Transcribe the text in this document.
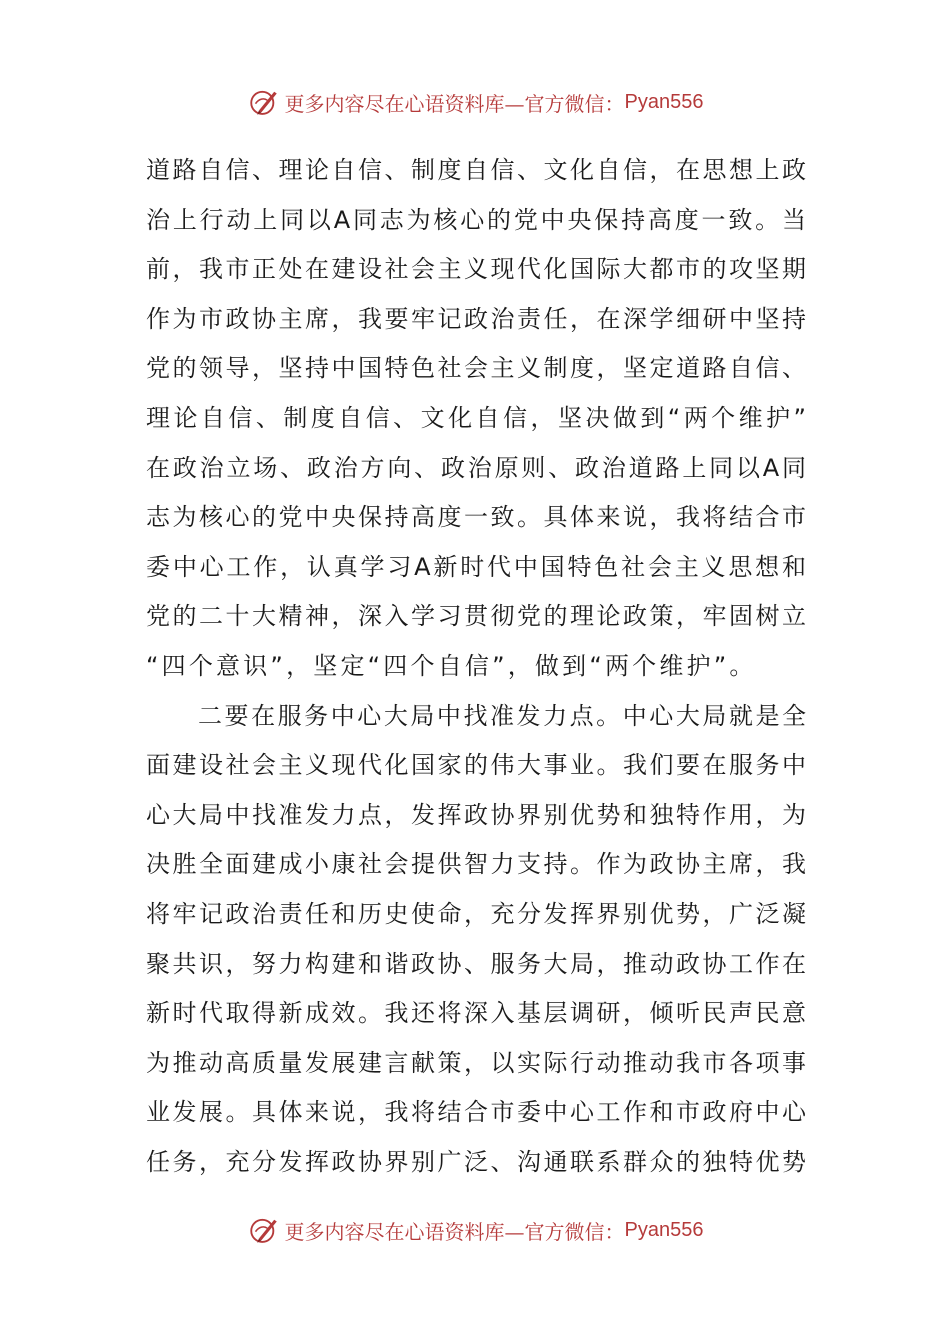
更多内容尽在心语资料库—官方微信： Pyan556
道路自信、理论自信、制度自信、文化自信，在思想上政
治上行动上同以A同志为核心的党中央保持高度一致。当
前，我市正处在建设社会主义现代化国际大都市的攻坚期
作为市政协主席，我要牢记政治责任，在深学细研中坚持
党的领导，坚持中国特色社会主义制度，坚定道路自信、
理论自信、制度自信、文化自信，坚决做到“两个维护”
在政治立场、政治方向、政治原则、政治道路上同以A同
志为核心的党中央保持高度一致。具体来说，我将结合市
委中心工作，认真学习A新时代中国特色社会主义思想和
党的二十大精神，深入学习贯彻党的理论政策，牢固树立
“四个意识”，坚定“四个自信”，做到“两个维护”。
二要在服务中心大局中找准发力点。中心大局就是全
面建设社会主义现代化国家的伟大事业。我们要在服务中
心大局中找准发力点，发挥政协界别优势和独特作用，为
决胜全面建成小康社会提供智力支持。作为政协主席，我
将牢记政治责任和历史使命，充分发挥界别优势，广泛凝
聚共识，努力构建和谐政协、服务大局，推动政协工作在
新时代取得新成效。我还将深入基层调研，倾听民声民意
为推动高质量发展建言献策，以实际行动推动我市各项事
业发展。具体来说，我将结合市委中心工作和市政府中心
任务，充分发挥政协界别广泛、沟通联系群众的独特优势
更多内容尽在心语资料库—官方微信： Pyan556
